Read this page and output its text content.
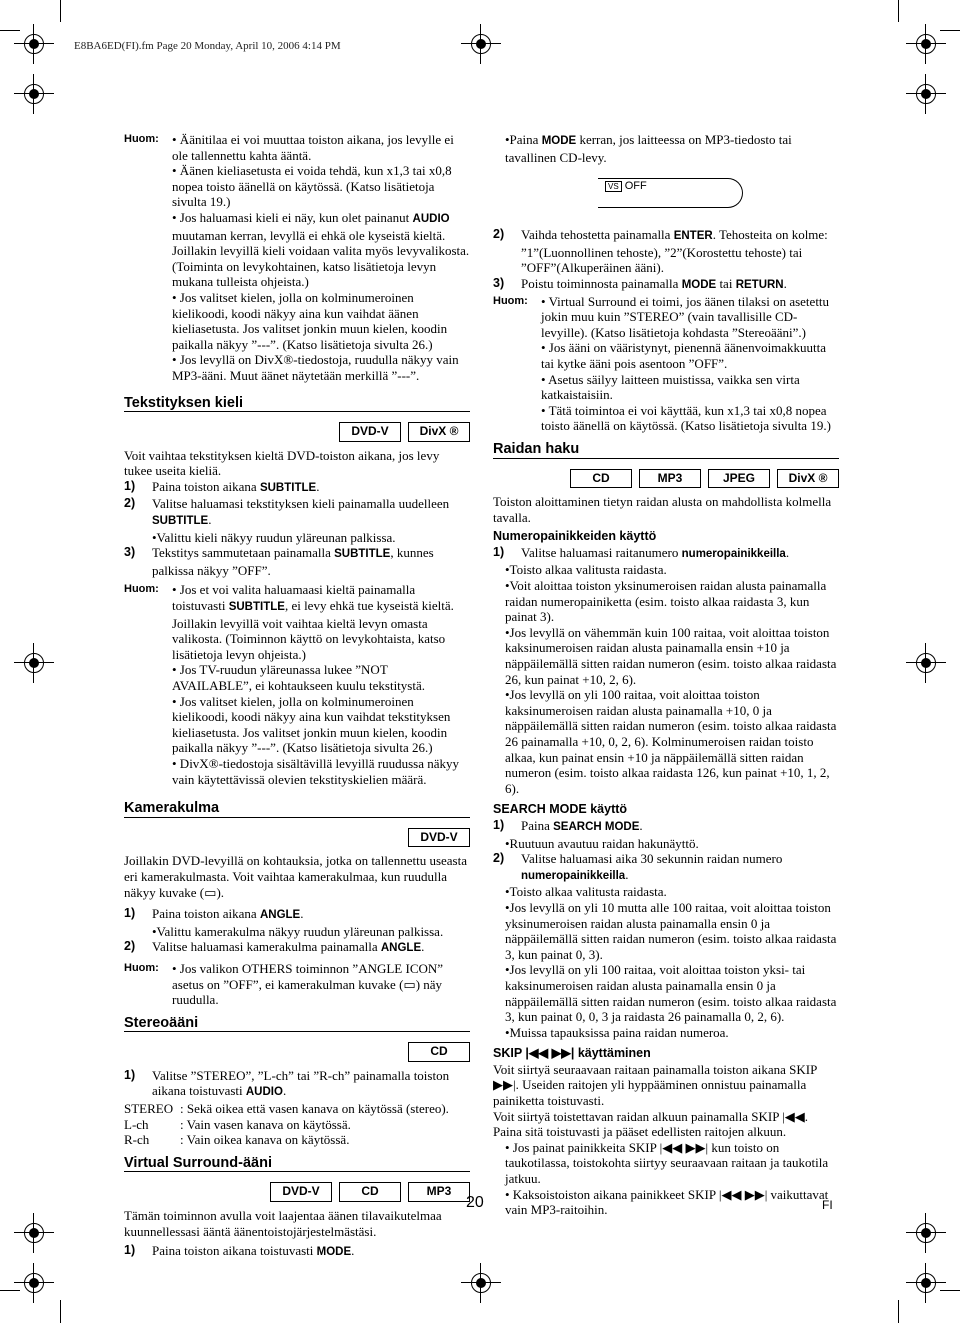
E8BA6ED(FI).fm Page 20 Monday, April 10, 2006 4:14 PM
Huom:	• Äänitilaa ei voi muuttaa toiston aikana, jos levylle ei ole tallennettu kahta ääntä.

• Äänen kieliasetusta ei voida tehdä, kun x1,3 tai x0,8 nopea toisto äänellä on käytössä. (Katso lisätietoja sivulta 19.)

• Jos haluamasi kieli ei näy, kun olet painanut AUDIO muutaman kerran, levyllä ei ehkä ole kyseistä kieltä. Joillakin levyillä kieli voidaan valita myös levyvalikosta. (Toiminta on levykohtainen, katso lisätietoja levyn mukana tulleista ohjeista.)

• Jos valitset kielen, jolla on kolminumeroinen kielikoodi, koodi näkyy aina kun vaihdat äänen kieliasetusta. Jos valitset jonkin muun kielen, koodin paikalla näkyy ”---”. (Katso lisätietoja sivulta 26.)

• Jos levyllä on DivX®-tiedostoja, ruudulla näkyy vain MP3-ääni. Muut äänet näytetään merkillä ”---”.

Tekstityksen kieli
DVD-V	DivX ®

Voit vaihtaa tekstityksen kieltä DVD-toiston aikana, jos levy tukee useita kieliä.

1)	Paina toiston aikana SUBTITLE.

2)	Valitse haluamasi tekstityksen kieli painamalla uudelleen SUBTITLE.
•Valittu kieli näkyy ruudun yläreunan palkissa.

3)	Tekstitys sammutetaan painamalla SUBTITLE, kunnes palkissa näkyy ”OFF”.

Huom:	• Jos et voi valita haluamaasi kieltä painamalla toistuvasti SUBTITLE, ei levy ehkä tue kyseistä kieltä. Joillakin levyillä voit vaihtaa kieltä levyn omasta valikosta. (Toiminnon käyttö on levykohtaista, katso lisätietoja levyn ohjeista.)

• Jos TV-ruudun yläreunassa lukee ”NOT AVAILABLE”, ei kohtaukseen kuulu tekstitystä.

• Jos valitset kielen, jolla on kolminumeroinen kielikoodi, koodi näkyy aina kun vaihdat tekstityksen kieliasetusta. Jos valitset jonkin muun kielen, koodin paikalla näkyy ”---”. (Katso lisätietoja sivulta 26.)

• DivX®-tiedostoja sisältävillä levyillä ruudussa näkyy vain käytettävissä olevien tekstityskielien määrä.

Kamerakulma
DVD-V

Joillakin DVD-levyillä on kohtauksia, jotka on tallennettu useasta eri kamerakulmasta. Voit vaihtaa kamerakulmaa, kun ruudulla näkyy kuvake (▭).

1)	Paina toiston aikana ANGLE.
•Valittu kamerakulma näkyy ruudun yläreunan palkissa.

2)	Valitse haluamasi kamerakulma painamalla ANGLE.

Huom:	• Jos valikon OTHERS toiminnon ”ANGLE ICON” asetus on ”OFF”, ei kamerakulman kuvake (▭) näy ruudulla.

Stereoääni
CD
1)	Valitse ”STEREO”, ”L-ch” tai ”R-ch” painamalla toiston aikana toistuvasti AUDIO.

STEREO : Sekä oikea että vasen kanava on käytössä (stereo).
L-ch	: Vain vasen kanava on käytössä.
R-ch	: Vain oikea kanava on käytössä.
Virtual Surround-ääni
DVD-V	CD	MP3

Tämän toiminnon avulla voit laajentaa äänen tilavaikutelmaa kuunnellessasi ääntä äänentoistojärjestelmästäsi.

1)	Paina toiston aikana toistuvasti MODE.

•Paina MODE kerran, jos laitteessa on MP3-tiedosto tai tavallinen CD-levy.

VS OFF
2)	Vaihda tehostetta painamalla ENTER. Tehosteita on kolme: ”1”(Luonnollinen tehoste), ”2”(Korostettu tehoste) tai ”OFF”(Alkuperäinen ääni).

3)	Poistu toiminnosta painamalla MODE tai RETURN.

Huom:	• Virtual Surround ei toimi, jos äänen tilaksi on asetettu jokin muu kuin ”STEREO” (vain tavallisille CD-levyille). (Katso lisätietoja kohdasta ”Stereoääni”.)

• Jos ääni on vääristynyt, pienennä äänenvoimakkuutta tai kytke ääni pois asentoon ”OFF”.

• Asetus säilyy laitteen muistissa, vaikka sen virta katkaistaisiin.

• Tätä toimintoa ei voi käyttää, kun x1,3 tai x0,8 nopea toisto äänellä on käytössä. (Katso lisätietoja sivulta 19.)

Raidan haku
CD	MP3	JPEG	DivX ®

Toiston aloittaminen tietyn raidan alusta on mahdollista kolmella tavalla.

Numeropainikkeiden käyttö
1)	Valitse haluamasi raitanumero numeropainikkeilla.

•Toisto alkaa valitusta raidasta.

•Voit aloittaa toiston yksinumeroisen raidan alusta painamalla raidan numeropainiketta (esim. toisto alkaa raidasta 3, kun painat 3).

•Jos levyllä on vähemmän kuin 100 raitaa, voit aloittaa toiston kaksinumeroisen raidan alusta painamalla ensin +10 ja näppäilemällä sitten raidan numeron (esim. toisto alkaa raidasta 26, kun painat +10, 2, 6).

•Jos levyllä on yli 100 raitaa, voit aloittaa toiston kaksinumeroisen raidan alusta painamalla +10, 0 ja näppäilemällä sitten raidan numeron (esim. toisto alkaa raidasta 26 painamalla +10, 0, 2, 6). Kolminumeroisen raidan toisto alkaa, kun painat ensin +10 ja näppäilemällä sitten raidan numeron (esim. toisto alkaa raidasta 126, kun painat +10, 1, 2, 6).

SEARCH MODE käyttö
1)	Paina SEARCH MODE.

•Ruutuun avautuu raidan hakunäyttö.

2)	Valitse haluamasi aika 30 sekunnin raidan numero numeropainikkeilla.

•Toisto alkaa valitusta raidasta.

•Jos levyllä on yli 10 mutta alle 100 raitaa, voit aloittaa toiston yksinumeroisen raidan alusta painamalla ensin 0 ja näppäilemällä sitten raidan numeron (esim. toisto alkaa raidasta 3, kun painat 0, 3).

•Jos levyllä on yli 100 raitaa, voit aloittaa toiston yksi- tai kaksinumeroisen raidan alusta painamalla ensin 0 ja näppäilemällä sitten raidan numeron (esim. toisto alkaa raidasta 3, kun painat 0, 0, 3 ja raidasta 26 painamalla 0, 2, 6).

•Muissa tapauksissa paina raidan numeroa.

SKIP |◀◀ ▶▶| käyttäminen

Voit siirtyä seuraavaan raitaan painamalla toiston aikana SKIP ▶▶|. Useiden raitojen yli hyppääminen onnistuu painamalla painiketta toistuvasti.

Voit siirtyä toistettavan raidan alkuun painamalla SKIP |◀◀. Paina sitä toistuvasti ja pääset edellisten raitojen alkuun.

• Jos painat painikkeita SKIP |◀◀ ▶▶| kun toisto on taukotilassa, toistokohta siirtyy seuraavaan raitaan ja taukotila jatkuu.

• Kaksoistoiston aikana painikkeet SKIP |◀◀ ▶▶| vaikuttavat vain MP3-raitoihin.

20	FI
